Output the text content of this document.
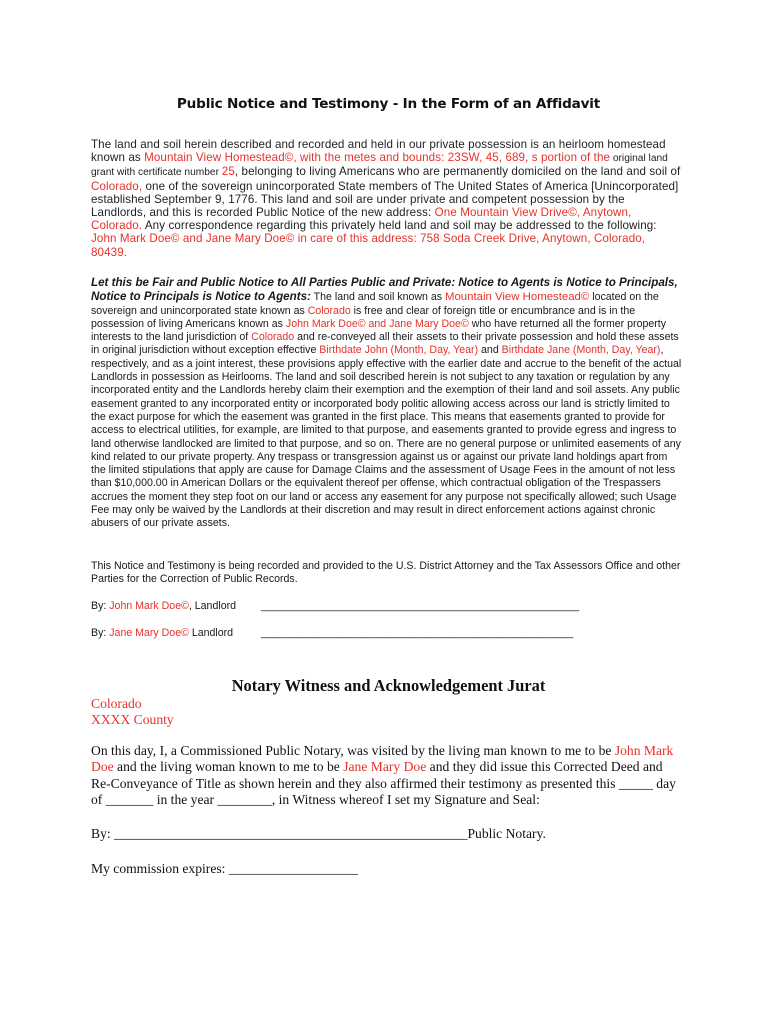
Public Notice and Testimony - In the Form of an Affidavit
The land and soil herein described and recorded and held in our private possession is an heirloom homestead known as Mountain View Homestead©, with the metes and bounds: 23SW, 45, 689, s portion of the original land grant with certificate number 25, belonging to living Americans who are permanently domiciled on the land and soil of Colorado, one of the sovereign unincorporated State members of The United States of America [Unincorporated] established September 9, 1776. This land and soil are under private and competent possession by the Landlords, and this is recorded Public Notice of the new address: One Mountain View Drive©, Anytown, Colorado. Any correspondence regarding this privately held land and soil may be addressed to the following: John Mark Doe© and Jane Mary Doe© in care of this address: 758 Soda Creek Drive, Anytown, Colorado, 80439.
Let this be Fair and Public Notice to All Parties Public and Private: Notice to Agents is Notice to Principals, Notice to Principals is Notice to Agents: The land and soil known as Mountain View Homestead© located on the sovereign and unincorporated state known as Colorado is free and clear of foreign title or encumbrance and is in the possession of living Americans known as John Mark Doe© and Jane Mary Doe© who have returned all the former property interests to the land jurisdiction of Colorado and re-conveyed all their assets to their private possession and hold these assets in original jurisdiction without exception effective Birthdate John (Month, Day, Year) and Birthdate Jane (Month, Day, Year), respectively, and as a joint interest, these provisions apply effective with the earlier date and accrue to the benefit of the actual Landlords in possession as Heirlooms. The land and soil described herein is not subject to any taxation or regulation by any incorporated entity and the Landlords hereby claim their exemption and the exemption of their land and soil assets. Any public easement granted to any incorporated entity or incorporated body politic allowing access across our land is strictly limited to the exact purpose for which the easement was granted in the first place. This means that easements granted to provide for access to electrical utilities, for example, are limited to that purpose, and easements granted to provide egress and ingress to land otherwise landlocked are limited to that purpose, and so on. There are no general purpose or unlimited easements of any kind related to our private property. Any trespass or transgression against us or against our private land holdings apart from the limited stipulations that apply are cause for Damage Claims and the assessment of Usage Fees in the amount of not less than $10,000.00 in American Dollars or the equivalent thereof per offense, which contractual obligation of the Trespassers accrues the moment they step foot on our land or access any easement for any purpose not specifically allowed; such Usage Fee may only be waived by the Landlords at their discretion and may result in direct enforcement actions against chronic abusers of our private assets.
This Notice and Testimony is being recorded and provided to the U.S. District Attorney and the Tax Assessors Office and other Parties for the Correction of Public Records.
By: John Mark Doe©, Landlord ______________________________________________________
By: Jane Mary Doe© Landlord	_____________________________________________________
Notary Witness and Acknowledgement Jurat
Colorado
XXXX County
On this day, I, a Commissioned Public Notary, was visited by the living man known to me to be John Mark Doe and the living woman known to me to be Jane Mary Doe and they did issue this Corrected Deed and Re-Conveyance of Title as shown herein and they also affirmed their testimony as presented this _____ day of _______ in the year ________, in Witness whereof I set my Signature and Seal:
By: ____________________________________________________Public Notary.
My commission expires: ___________________
